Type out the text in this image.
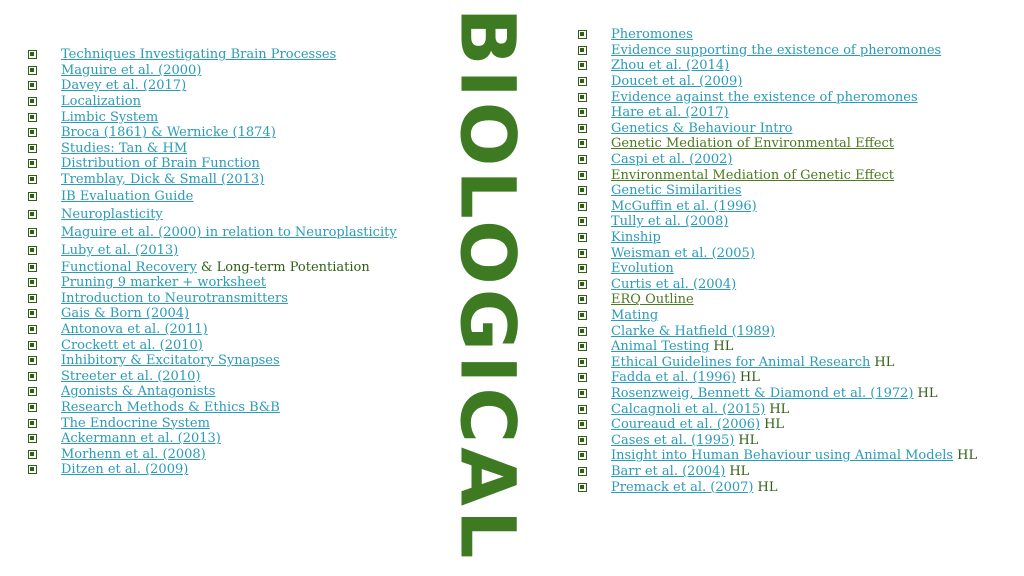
BIOLOGICAL
Techniques Investigating Brain Processes
Maguire et al. (2000)
Davey et al. (2017)
Localization
Limbic System
Broca (1861) & Wernicke (1874)
Studies: Tan & HM
Distribution of Brain Function
Tremblay, Dick & Small (2013)
IB Evaluation Guide
Neuroplasticity
Maguire et al. (2000) in relation to Neuroplasticity
Luby et al. (2013)
Functional Recovery & Long-term Potentiation
Pruning 9 marker + worksheet
Introduction to Neurotransmitters
Gais & Born (2004)
Antonova et al. (2011)
Crockett et al. (2010)
Inhibitory & Excitatory Synapses
Streeter et al. (2010)
Agonists & Antagonists
Research Methods & Ethics B&B
The Endocrine System
Ackermann et al. (2013)
Morhenn et al. (2008)
Ditzen et al. (2009)
Pheromones
Evidence supporting the existence of pheromones
Zhou et al. (2014)
Doucet et al. (2009)
Evidence against the existence of pheromones
Hare et al. (2017)
Genetics & Behaviour Intro
Genetic Mediation of Environmental Effect
Caspi et al. (2002)
Environmental Mediation of Genetic Effect
Genetic Similarities
McGuffin et al. (1996)
Tully et al. (2008)
Kinship
Weisman et al. (2005)
Evolution
Curtis et al. (2004)
ERQ Outline
Mating
Clarke & Hatfield (1989)
Animal Testing HL
Ethical Guidelines for Animal Research HL
Fadda et al. (1996) HL
Rosenzweig, Bennett & Diamond et al. (1972) HL
Calcagnoli et al. (2015) HL
Coureaud et al. (2006) HL
Cases et al. (1995) HL
Insight into Human Behaviour using Animal Models HL
Barr et al. (2004) HL
Premack et al. (2007) HL
